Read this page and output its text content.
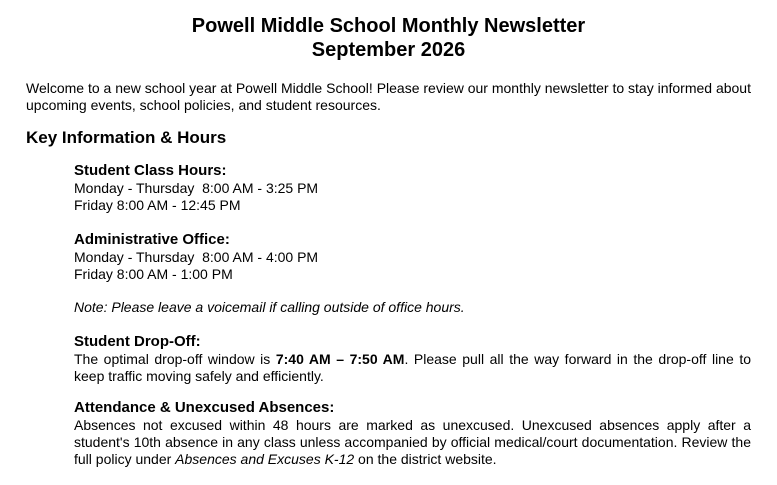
Powell Middle School Monthly Newsletter
September 2026

Welcome to a new school year at Powell Middle School! Please review our monthly newsletter to stay informed about upcoming events, school policies, and student resources.

Key Information & Hours

Student Class Hours:

Monday - Thursday  8:00 AM - 3:25 PM

Friday 8:00 AM - 12:45 PM

Administrative Office:

Monday - Thursday  8:00 AM - 4:00 PM

Friday 8:00 AM - 1:00 PM

Note: Please leave a voicemail if calling outside of office hours.

Student Drop-Off:

The optimal drop-off window is 7:40 AM – 7:50 AM. Please pull all the way forward in the drop-off line to keep traffic moving safely and efficiently.

Attendance & Unexcused Absences:

Absences not excused within 48 hours are marked as unexcused. Unexcused absences apply after a student's 10th absence in any class unless accompanied by official medical/court documentation. Review the full policy under Absences and Excuses K-12 on the district website.
